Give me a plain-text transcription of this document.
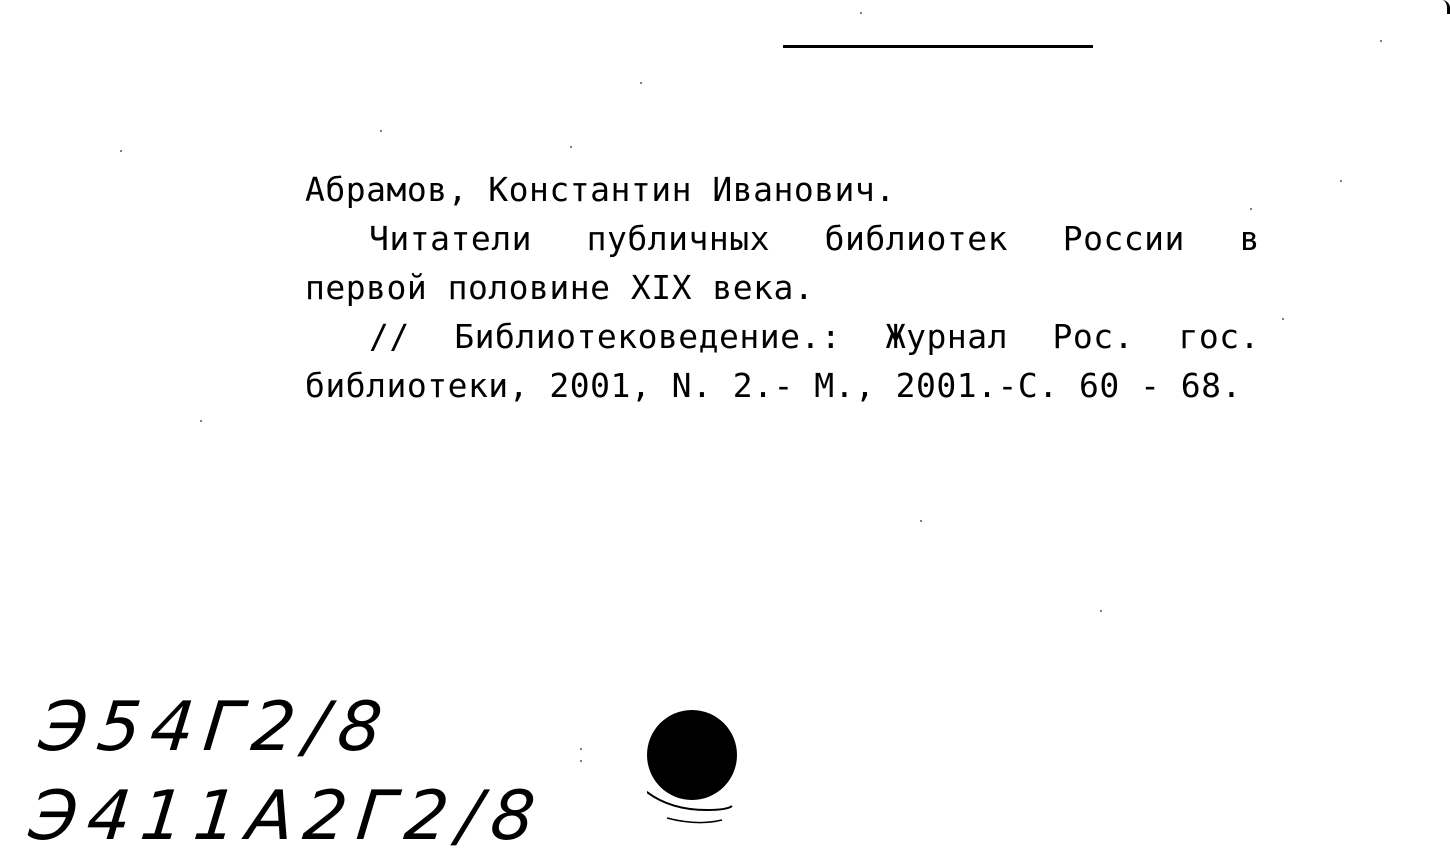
Абрамов, Константин Иванович.

Читатели публичных библиотек России в первой половине XIX века.

// Библиотековедение.: Журнал Рос. гос. библиотеки, 2001, N. 2.- М., 2001.-С. 60 - 68.

Э54Г2/8
Э411А2Г2/8
